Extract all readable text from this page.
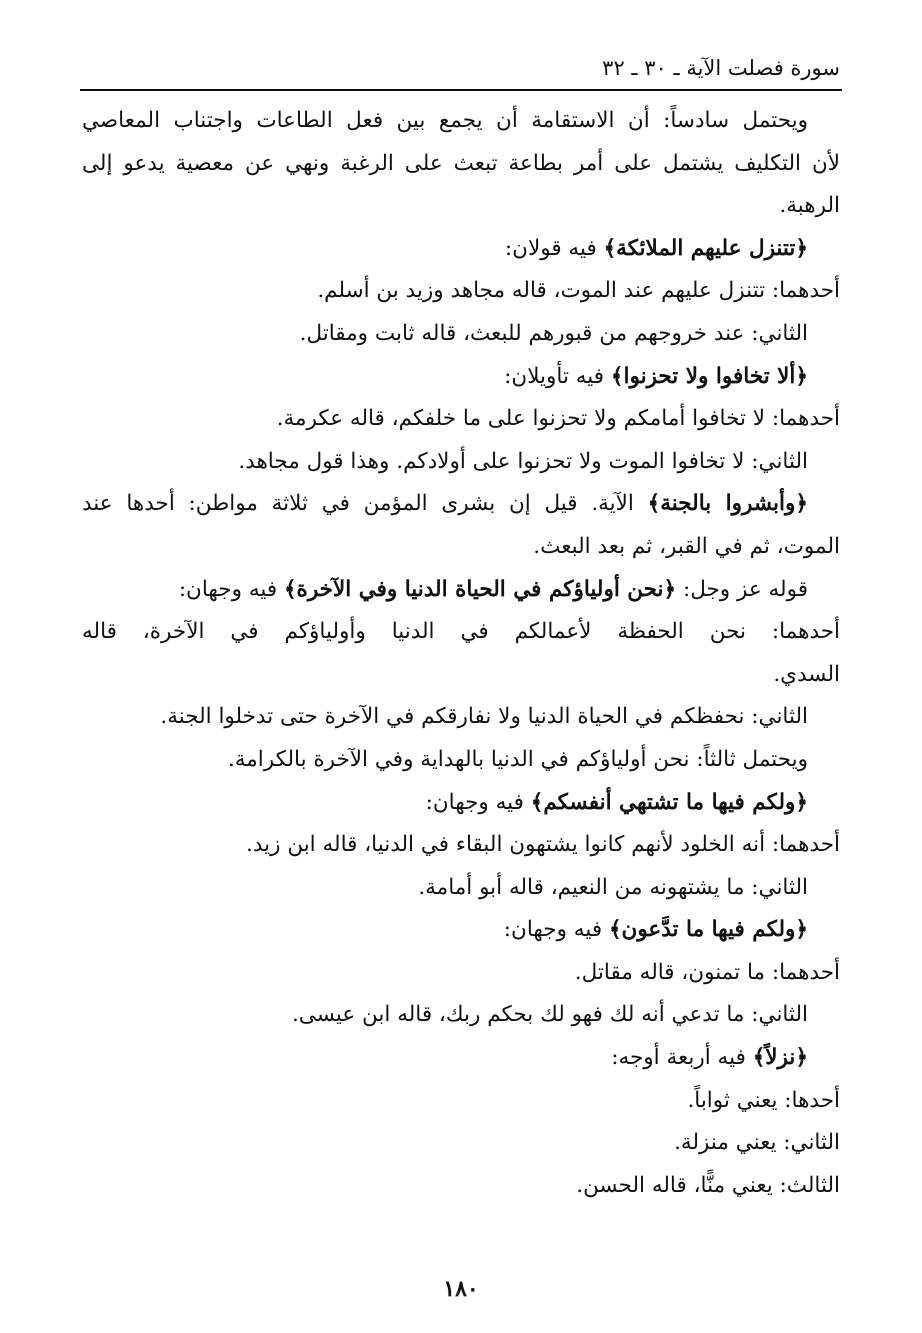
سورة فصلت الآية ـ ٣٠ ـ ٣٢
ويحتمل سادساً: أن الاستقامة أن يجمع بين فعل الطاعات واجتناب المعاصي
لأن التكليف يشتمل على أمر بطاعة تبعث على الرغبة ونهي عن معصية يدعو إلى
الرهبة.
﴿تتنزل عليهم الملائكة﴾ فيه قولان:
أحدهما: تتنزل عليهم عند الموت، قاله مجاهد وزيد بن أسلم.
الثاني: عند خروجهم من قبورهم للبعث، قاله ثابت ومقاتل.
﴿ألا تخافوا ولا تحزنوا﴾ فيه تأويلان:
أحدهما: لا تخافوا أمامكم ولا تحزنوا على ما خلفكم، قاله عكرمة.
الثاني: لا تخافوا الموت ولا تحزنوا على أولادكم. وهذا قول مجاهد.
﴿وأبشروا بالجنة﴾ الآية. قيل إن بشرى المؤمن في ثلاثة مواطن: أحدها عند
الموت، ثم في القبر، ثم بعد البعث.
قوله عز وجل: ﴿نحن أولياؤكم في الحياة الدنيا وفي الآخرة﴾ فيه وجهان:
أحدهما: نحن الحفظة لأعمالكم في الدنيا وأولياؤكم في الآخرة، قاله
السدي.
الثاني: نحفظكم في الحياة الدنيا ولا نفارقكم في الآخرة حتى تدخلوا الجنة.
ويحتمل ثالثاً: نحن أولياؤكم في الدنيا بالهداية وفي الآخرة بالكرامة.
﴿ولكم فيها ما تشتهي أنفسكم﴾ فيه وجهان:
أحدهما: أنه الخلود لأنهم كانوا يشتهون البقاء في الدنيا، قاله ابن زيد.
الثاني: ما يشتهونه من النعيم، قاله أبو أمامة.
﴿ولكم فيها ما تدَّعون﴾ فيه وجهان:
أحدهما: ما تمنون، قاله مقاتل.
الثاني: ما تدعي أنه لك فهو لك بحكم ربك، قاله ابن عيسى.
﴿نزلاً﴾ فيه أربعة أوجه:
أحدها: يعني ثواباً.
الثاني: يعني منزلة.
الثالث: يعني منًّا، قاله الحسن.
١٨٠
